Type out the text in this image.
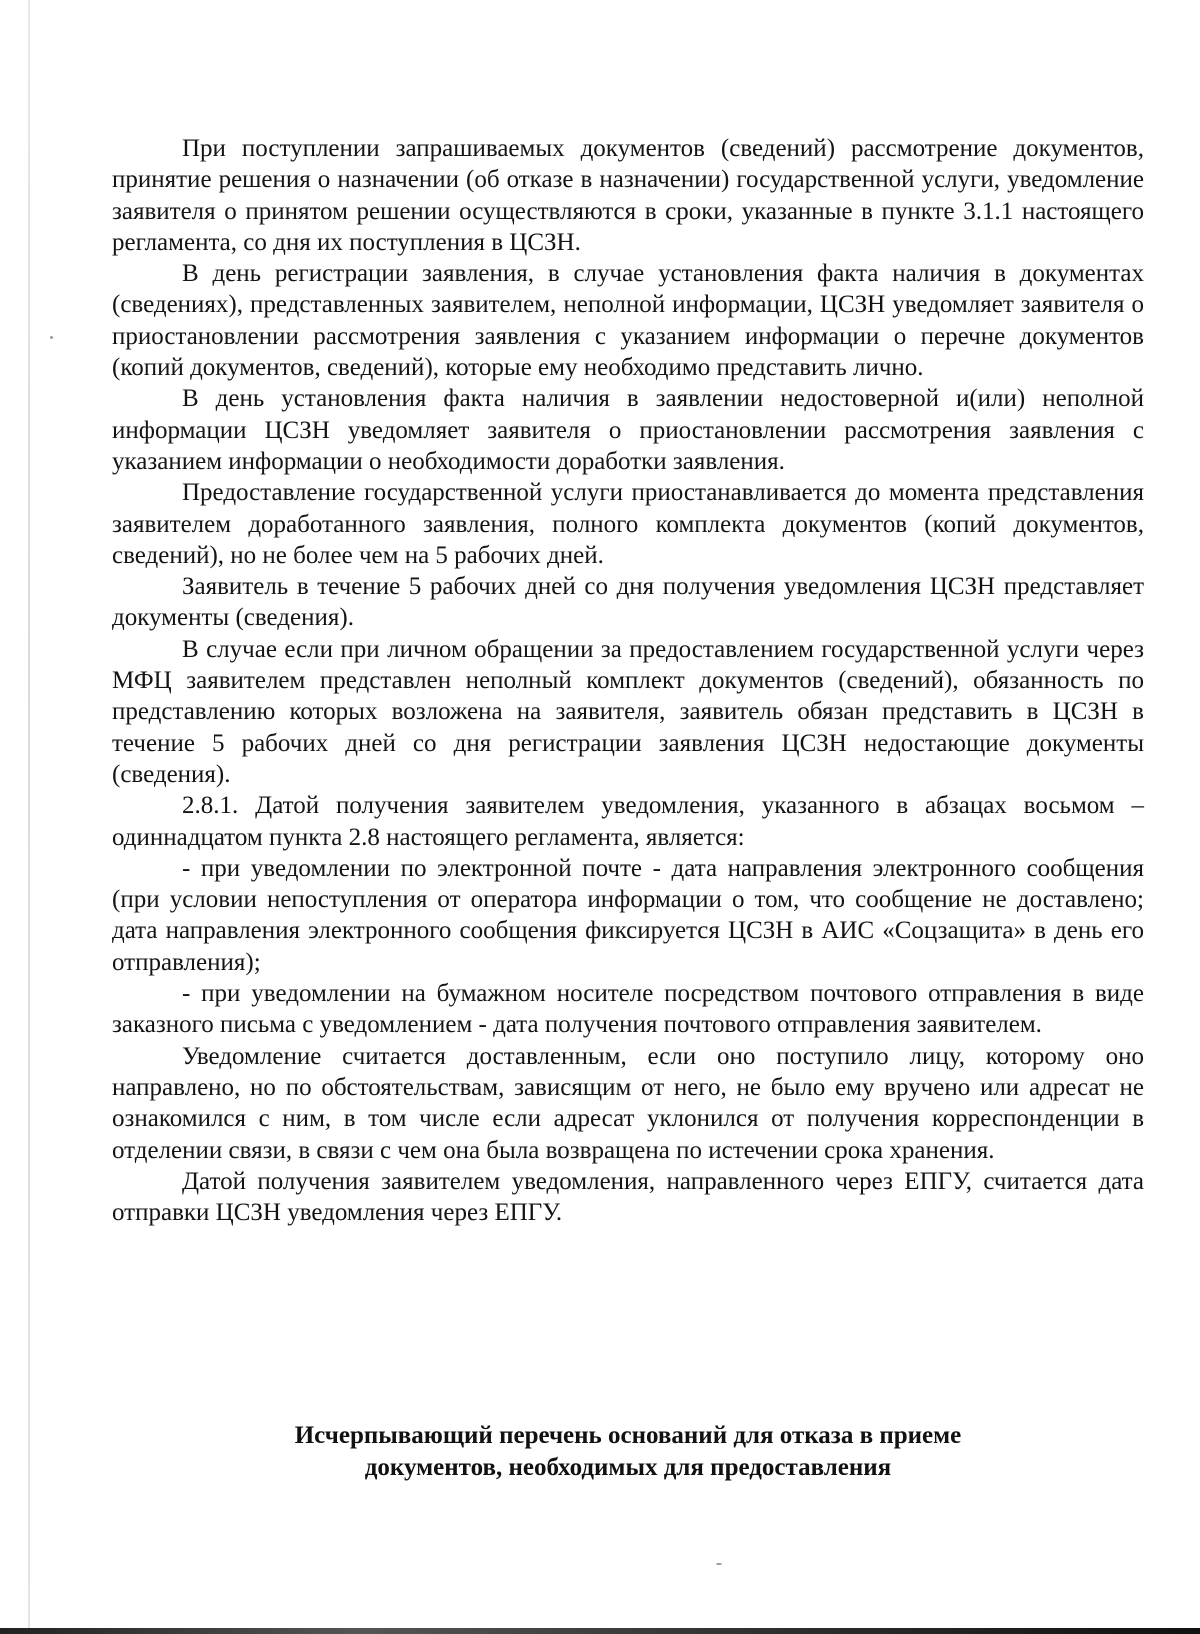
При поступлении запрашиваемых документов (сведений) рассмотрение документов, принятие решения о назначении (об отказе в назначении) государственной услуги, уведомление заявителя о принятом решении осуществляются в сроки, указанные в пункте 3.1.1 настоящего регламента, со дня их поступления в ЦСЗН.

В день регистрации заявления, в случае установления факта наличия в документах (сведениях), представленных заявителем, неполной информации, ЦСЗН уведомляет заявителя о приостановлении рассмотрения заявления с указанием информации о перечне документов (копий документов, сведений), которые ему необходимо представить лично.

В день установления факта наличия в заявлении недостоверной и(или) неполной информации ЦСЗН уведомляет заявителя о приостановлении рассмотрения заявления с указанием информации о необходимости доработки заявления.

Предоставление государственной услуги приостанавливается до момента представления заявителем доработанного заявления, полного комплекта документов (копий документов, сведений), но не более чем на 5 рабочих дней.

Заявитель в течение 5 рабочих дней со дня получения уведомления ЦСЗН представляет документы (сведения).

В случае если при личном обращении за предоставлением государственной услуги через МФЦ заявителем представлен неполный комплект документов (сведений), обязанность по представлению которых возложена на заявителя, заявитель обязан представить в ЦСЗН в течение 5 рабочих дней со дня регистрации заявления ЦСЗН недостающие документы (сведения).

2.8.1. Датой получения заявителем уведомления, указанного в абзацах восьмом – одиннадцатом пункта 2.8 настоящего регламента, является:

- при уведомлении по электронной почте - дата направления электронного сообщения (при условии непоступления от оператора информации о том, что сообщение не доставлено; дата направления электронного сообщения фиксируется ЦСЗН в АИС «Соцзащита» в день его отправления);

- при уведомлении на бумажном носителе посредством почтового отправления в виде заказного письма с уведомлением - дата получения почтового отправления заявителем.

Уведомление считается доставленным, если оно поступило лицу, которому оно направлено, но по обстоятельствам, зависящим от него, не было ему вручено или адресат не ознакомился с ним, в том числе если адресат уклонился от получения корреспонденции в отделении связи, в связи с чем она была возвращена по истечении срока хранения.

Датой получения заявителем уведомления, направленного через ЕПГУ, считается дата отправки ЦСЗН уведомления через ЕПГУ.

Исчерпывающий перечень оснований для отказа в приеме
документов, необходимых для предоставления
